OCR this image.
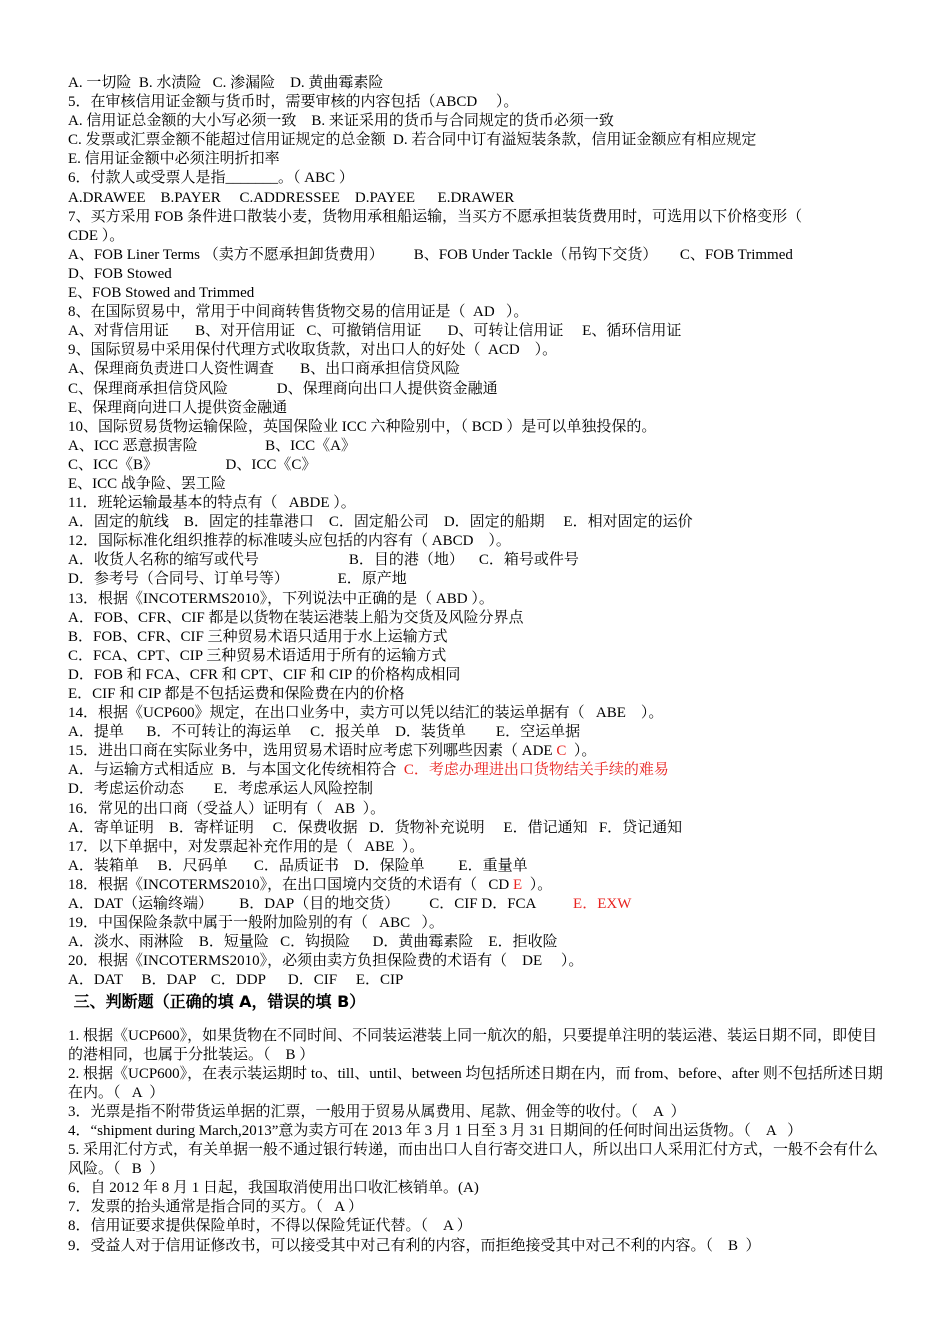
A. 一切险  B. 水渍险   C. 渗漏险    D. 黄曲霉素险
5．在审核信用证金额与货币时，需要审核的内容包括（ABCD     ）。
A. 信用证总金额的大小写必须一致    B. 来证采用的货币与合同规定的货币必须一致
C. 发票或汇票金额不能超过信用证规定的总金额  D. 若合同中订有溢短装条款，信用证金额应有相应规定
E. 信用证金额中必须注明折扣率
6．付款人或受票人是指_______。（ ABC ）
A.DRAWEE    B.PAYER     C.ADDRESSEE    D.PAYEE      E.DRAWER
7、买方采用 FOB 条件进口散装小麦，货物用承租船运输，当买方不愿承担装货费用时，可选用以下价格变形（
CDE ）。
A、FOB Liner Terms （卖方不愿承担卸货费用）        B、FOB Under Tackle（吊钩下交货）      C、FOB Trimmed
D、FOB Stowed
E、FOB Stowed and Trimmed
8、在国际贸易中，常用于中间商转售货物交易的信用证是（  AD   ）。
A、对背信用证       B、对开信用证   C、可撤销信用证       D、可转让信用证     E、循环信用证
9、国际贸易中采用保付代理方式收取货款，对出口人的好处（  ACD    ）。
A、保理商负责进口人资性调查       B、出口商承担信贷风险
C、保理商承担信贷风险             D、保理商向出口人提供资金融通
E、保理商向进口人提供资金融通
10、国际贸易货物运输保险，英国保险业 ICC 六种险别中，（ BCD ）是可以单独投保的。
A、ICC 恶意损害险                  B、ICC《A》
C、ICC《B》                  D、ICC《C》
E、ICC 战争险、罢工险
11．班轮运输最基本的特点有（   ABDE ）。
A．固定的航线    B．固定的挂靠港口    C．固定船公司    D．固定的船期     E．相对固定的运价
12．国际标准化组织推荐的标准唛头应包括的内容有（ ABCD    ）。
A．收货人名称的缩写或代号                        B．目的港（地）    C．箱号或件号
D．参考号（合同号、订单号等）             E．原产地
13．根据《INCOTERMS2010》，下列说法中正确的是（ ABD ）。
A．FOB、CFR、CIF 都是以货物在装运港装上船为交货及风险分界点
B．FOB、CFR、CIF 三种贸易术语只适用于水上运输方式
C．FCA、CPT、CIP 三种贸易术语适用于所有的运输方式
D．FOB 和 FCA、CFR 和 CPT、CIF 和 CIP 的价格构成相同
E．CIF 和 CIP 都是不包括运费和保险费在内的价格
14．根据《UCP600》规定，在出口业务中，卖方可以凭以结汇的装运单据有（   ABE    ）。
A．提单      B．不可转让的海运单     C．报关单    D．装货单        E．空运单据
15．进出口商在实际业务中，选用贸易术语时应考虑下列哪些因素（ ADE C  ）。
A．与运输方式相适应  B．与本国文化传统相符合  C．考虑办理进出口货物结关手续的难易
D．考虑运价动态        E．考虑承运人风险控制
16．常见的出口商（受益人）证明有（   AB  ）。
A．寄单证明    B．寄样证明     C．保费收据   D．货物补充说明     E．借记通知   F．贷记通知
17．以下单据中，对发票起补充作用的是（   ABE  ）。
A．装箱单     B．尺码单       C．品质证书    D．保险单         E．重量单
18．根据《INCOTERMS2010》，在出口国境内交货的术语有（   CD E  ）。
A．DAT（运输终端）       B．DAP（目的地交货）        C．CIF D．FCA          E．EXW
19．中国保险条款中属于一般附加险别的有（   ABC   ）。
A．淡水、雨淋险    B．短量险   C．钩损险      D．黄曲霉素险    E．拒收险
20．根据《INCOTERMS2010》，必须由卖方负担保险费的术语有（    DE     ）。
A．DAT     B．DAP    C．DDP      D．CIF     E．CIP
三、判断题（正确的填 A，错误的填 B）
1. 根据《UCP600》，如果货物在不同时间、不同装运港装上同一航次的船，只要提单注明的装运港、装运日期不同，即使目的港相同，也属于分批装运。（    B ）
2. 根据《UCP600》，在表示装运期时 to、till、until、between 均包括所述日期在内，而 from、before、after 则不包括所述日期在内。（   A  ）
3．光票是指不附带货运单据的汇票，一般用于贸易从属费用、尾款、佣金等的收付。（    A  ）
4．“shipment during March,2013”意为卖方可在 2013 年 3 月 1 日至 3 月 31 日期间的任何时间出运货物。（    A   ）
5. 采用汇付方式，有关单据一般不通过银行转递，而由出口人自行寄交进口人，所以出口人采用汇付方式，一般不会有什么风险。（   B  ）
6．自 2012 年 8 月 1 日起，我国取消使用出口收汇核销单。(A)
7．发票的抬头通常是指合同的买方。（   A ）
8．信用证要求提供保险单时，不得以保险凭证代替。（    A ）
9．受益人对于信用证修改书，可以接受其中对己有利的内容，而拒绝接受其中对己不利的内容。（    B  ）
